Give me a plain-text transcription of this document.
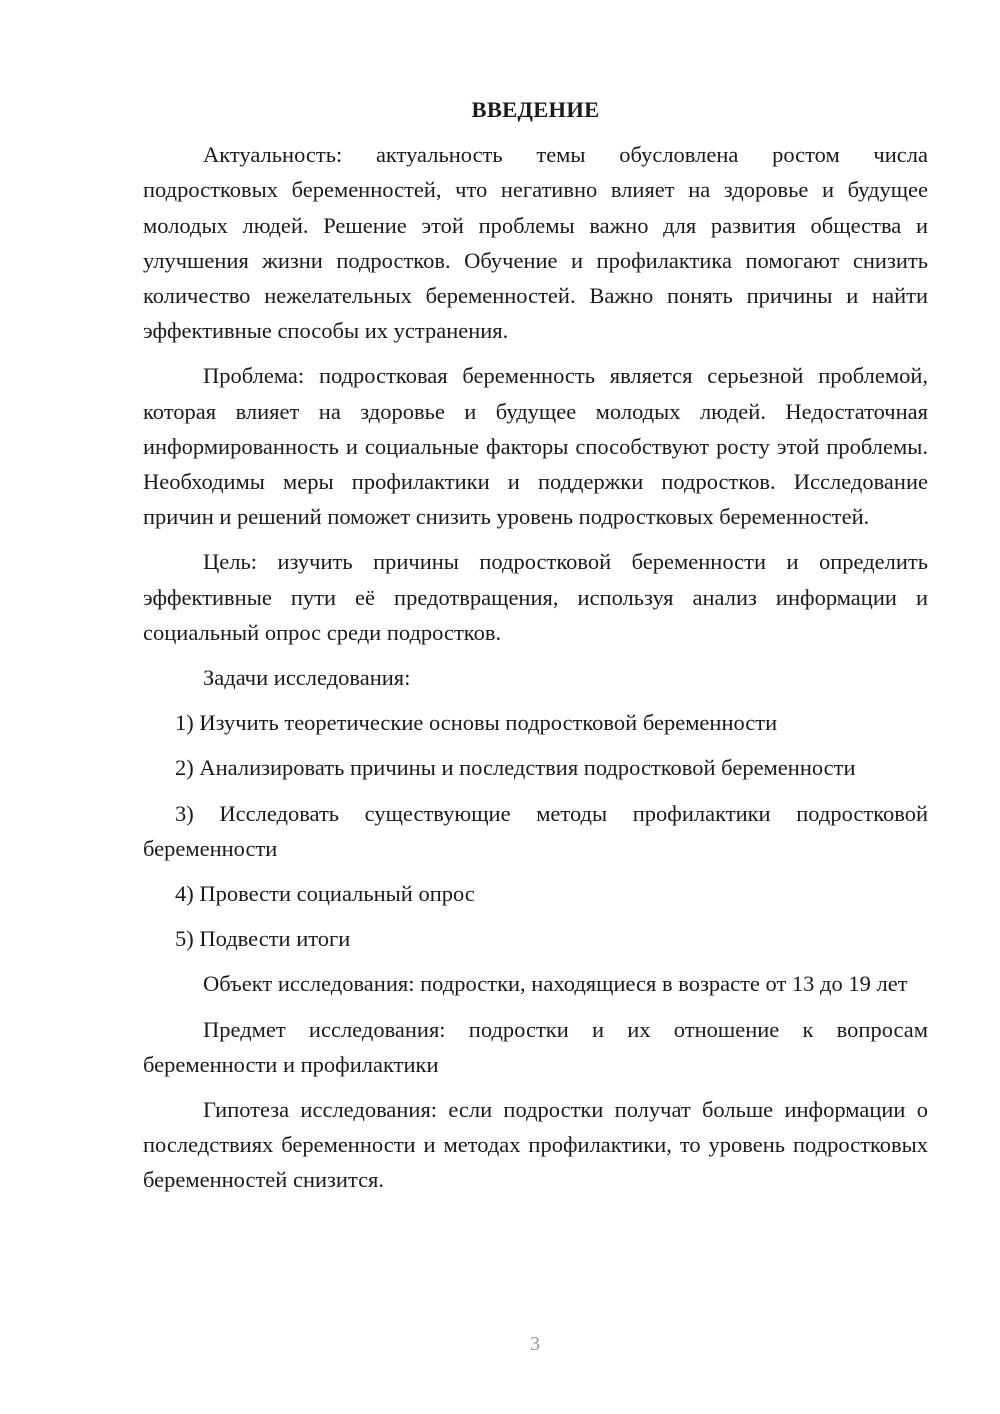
ВВЕДЕНИЕ

Актуальность: актуальность темы обусловлена ростом числа подростковых беременностей, что негативно влияет на здоровье и будущее молодых людей. Решение этой проблемы важно для развития общества и улучшения жизни подростков. Обучение и профилактика помогают снизить количество нежелательных беременностей. Важно понять причины и найти эффективные способы их устранения.

Проблема: подростковая беременность является серьезной проблемой, которая влияет на здоровье и будущее молодых людей. Недостаточная информированность и социальные факторы способствуют росту этой проблемы. Необходимы меры профилактики и поддержки подростков. Исследование причин и решений поможет снизить уровень подростковых беременностей.

Цель: изучить причины подростковой беременности и определить эффективные пути её предотвращения, используя анализ информации и социальный опрос среди подростков.

Задачи исследования:

1) Изучить теоретические основы подростковой беременности

2) Анализировать причины и последствия подростковой беременности

3) Исследовать существующие методы профилактики подростковой беременности

4) Провести социальный опрос

5) Подвести итоги

Объект исследования: подростки, находящиеся в возрасте от 13 до 19 лет

Предмет исследования: подростки и их отношение к вопросам беременности и профилактики

Гипотеза исследования: если подростки получат больше информации о последствиях беременности и методах профилактики, то уровень подростковых беременностей снизится.

3
